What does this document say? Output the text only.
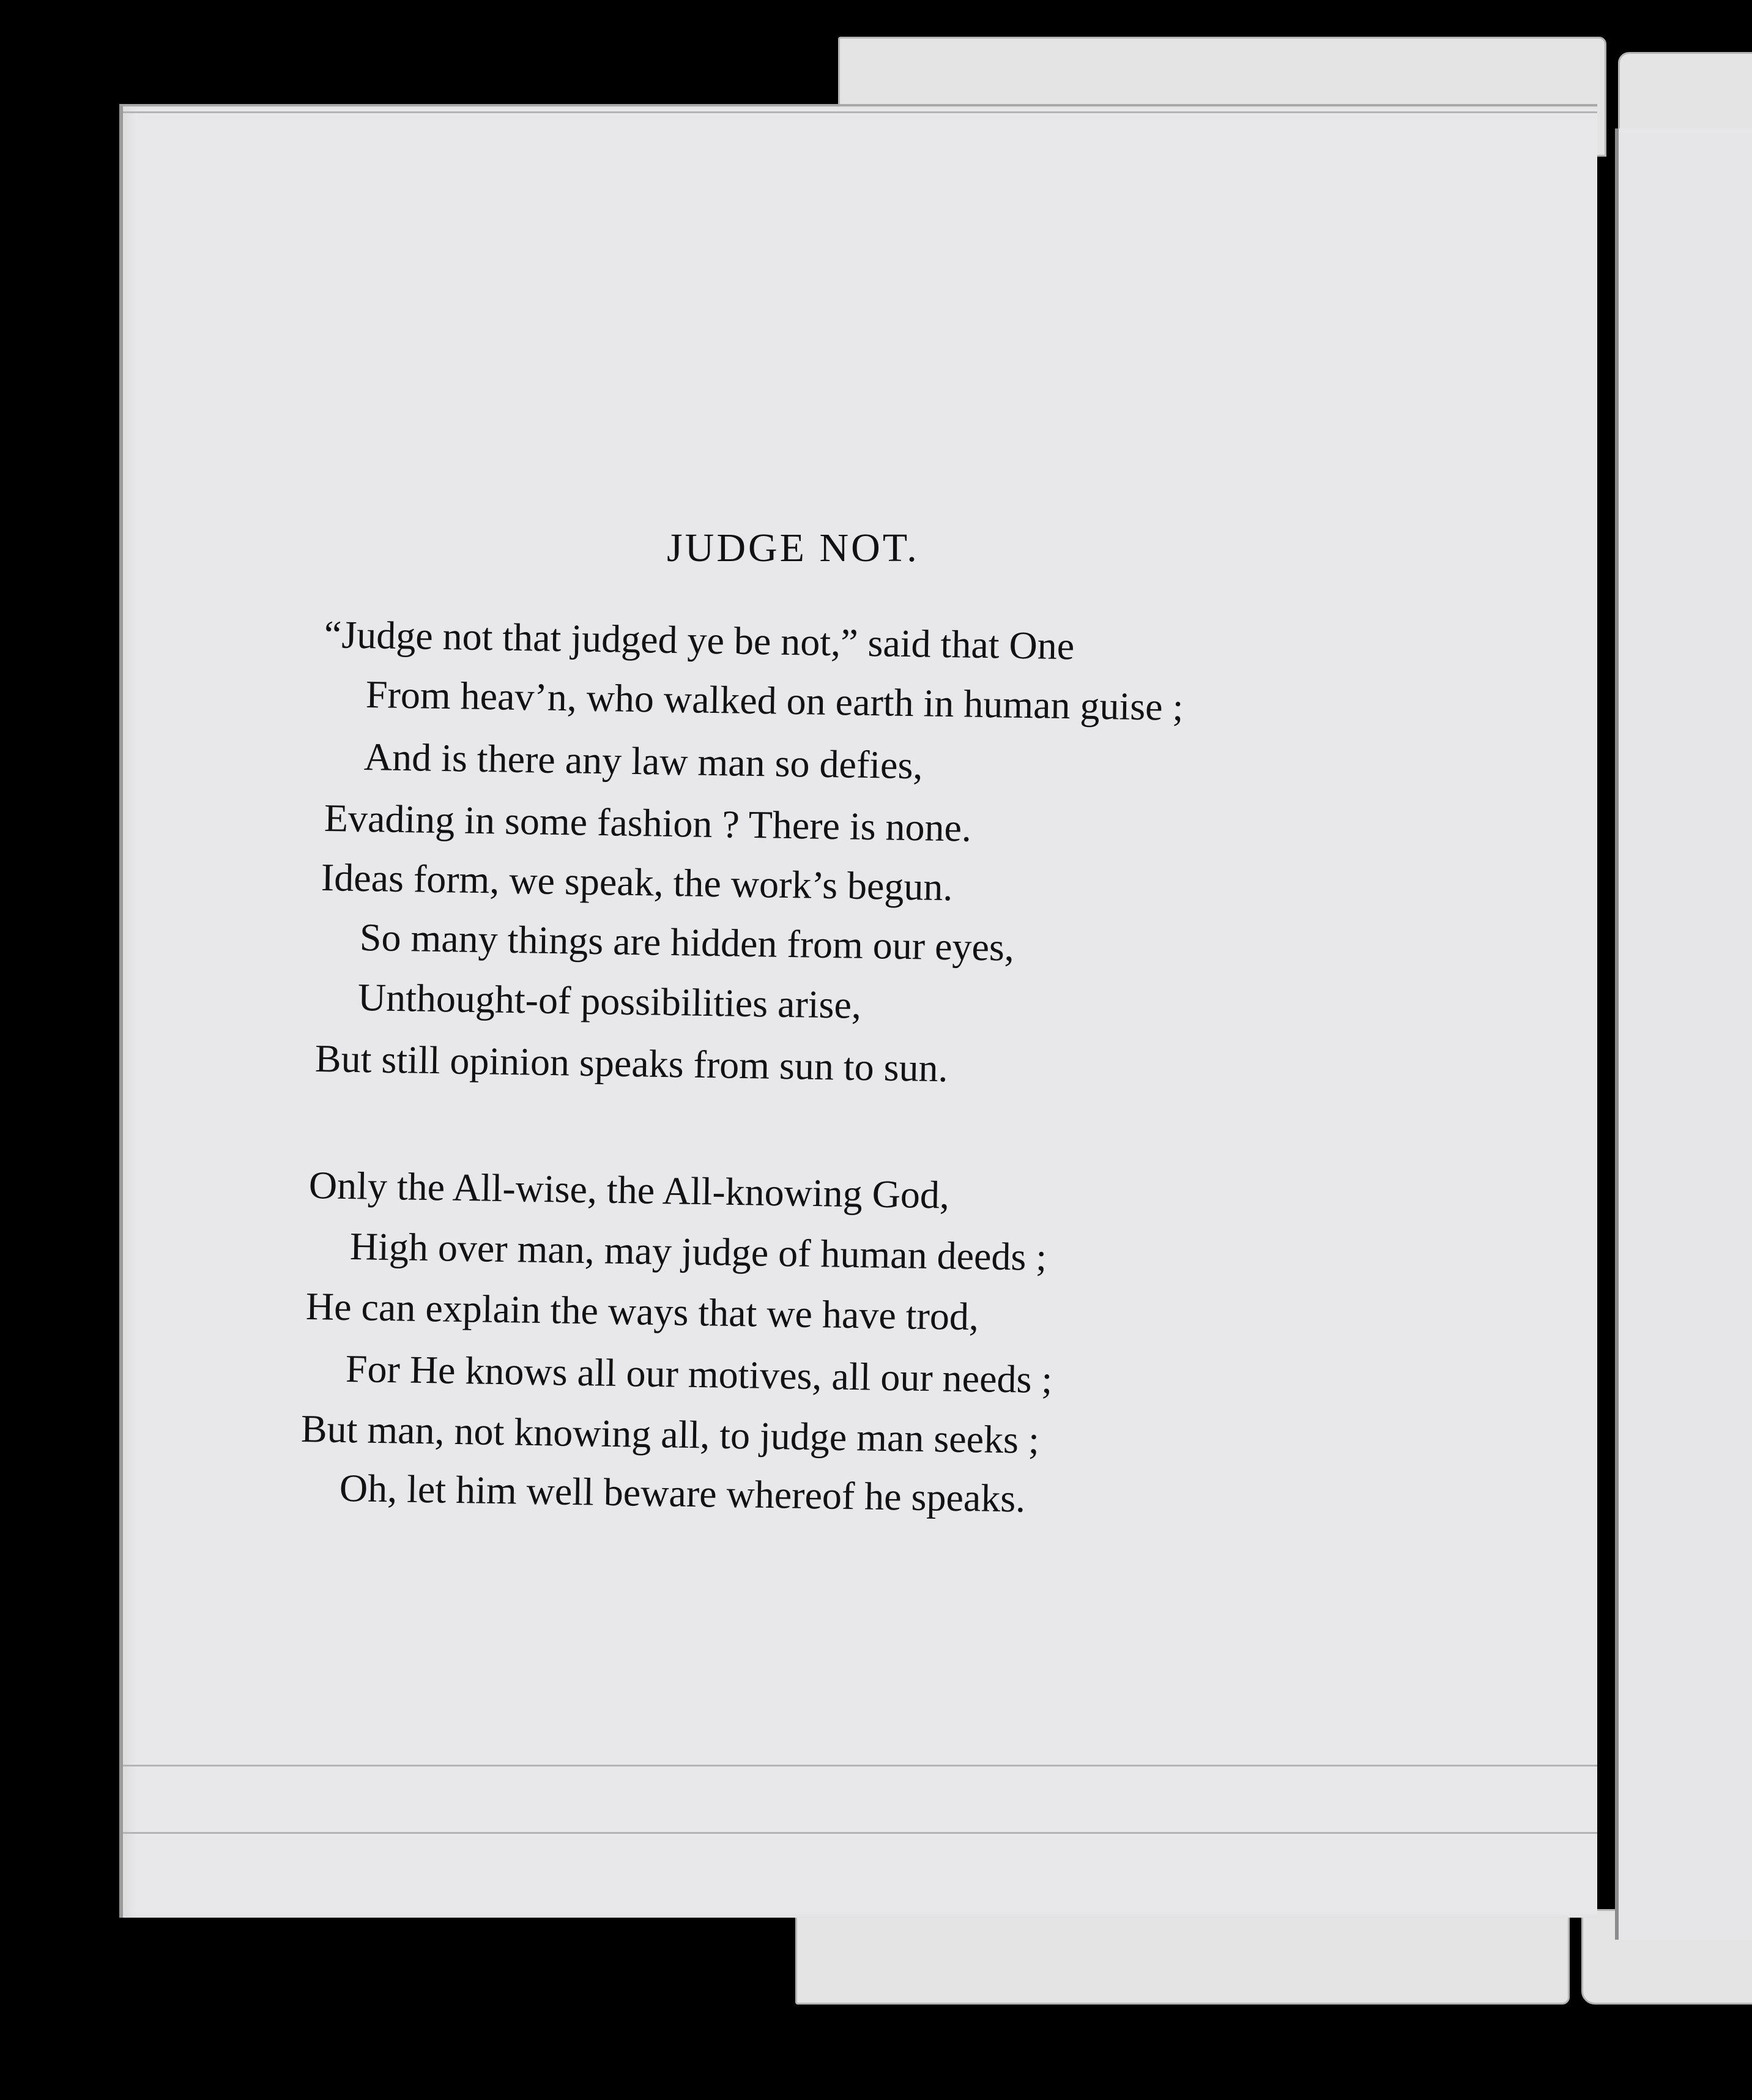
JUDGE NOT.
“Judge not that judged ye be not,” said that One
From heav’n, who walked on earth in human guise ;
And is there any law man so defies,
Evading in some fashion ? There is none.
Ideas form, we speak, the work’s begun.
So many things are hidden from our eyes,
Unthought-of possibilities arise,
But still opinion speaks from sun to sun.
Only the All-wise, the All-knowing God,
High over man, may judge of human deeds ;
He can explain the ways that we have trod,
For He knows all our motives, all our needs ;
But man, not knowing all, to judge man seeks ;
Oh, let him well beware whereof he speaks.
